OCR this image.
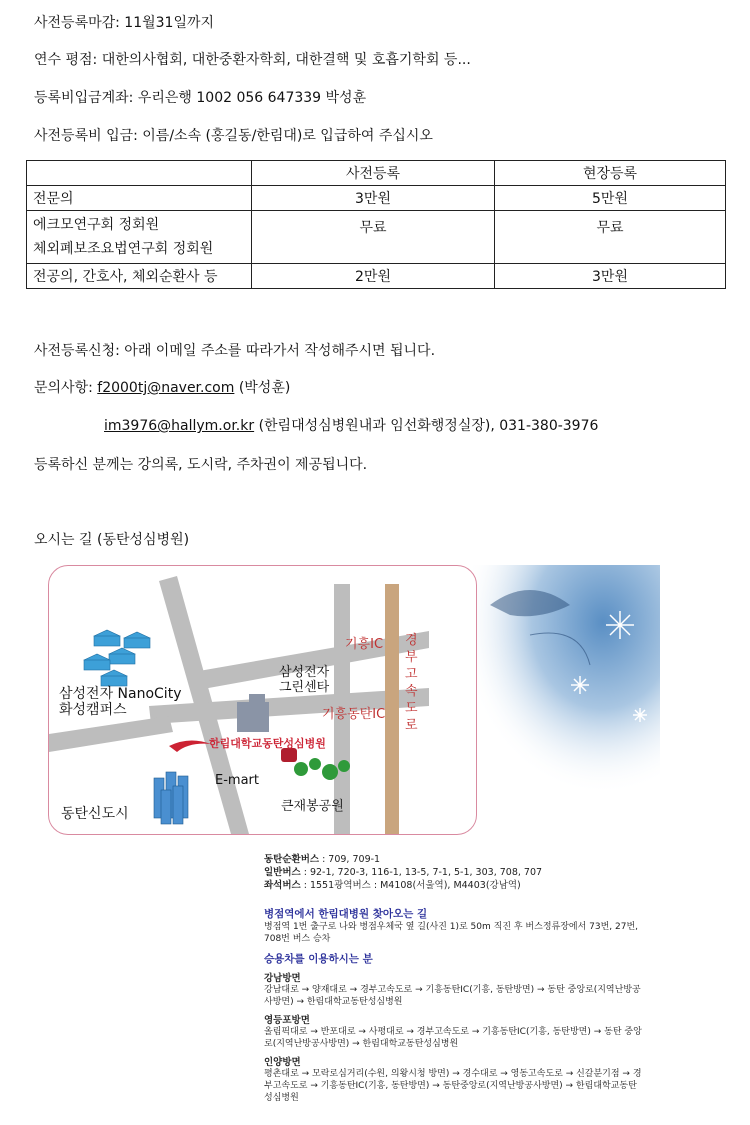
사전등록마감: 11월31일까지
연수 평점: 대한의사협회, 대한중환자학회, 대한결핵 및 호흡기학회 등...
등록비입금계좌: 우리은행 1002 056 647339 박성훈
사전등록비 입금: 이름/소속 (홍길동/한림대)로 입급하여 주십시오
	사전등록	현장등록
전문의	3만원	5만원

에크모연구회 정회원
체외폐보조요법연구회 정회원	무료	무료
전공의, 간호사, 체외순환사 등	2만원	3만원
사전등록신청: 아래 이메일 주소를 따라가서 작성해주시면 됩니다.
문의사항: f2000tj@naver.com (박성훈)
im3976@hallym.or.kr (한림대성심병원내과 임선화행정실장), 031-380-3976
등록하신 분께는 강의록, 도시락, 주차권이 제공됩니다.
오시는 길 (동탄성심병원)
삼성전자 NanoCity
화성캠퍼스
삼성전자
그린센타
기흥IC
기흥동탄IC
경
부
고
속
도
로
한림대학교동탄성심병원
E-mart
큰재봉공원
동탄신도시
동탄순환버스 : 709, 709-1
일반버스 : 92-1, 720-3, 116-1, 13-5, 7-1, 5-1, 303, 708, 707
좌석버스 : 1551광역버스 : M4108(서울역), M4403(강남역)
병점역에서 한림대병원 찾아오는 길
병점역 1번 출구로 나와 병점우체국 옆 길(사진 1)로 50m 직진 후 버스정류장에서 73번, 27번, 708번 버스 승차
승용차를 이용하시는 분
강남방면
강남대로 → 양재대로 → 경부고속도로 → 기흥동탄IC(기흥, 동탄방면) → 동탄 중앙로(지역난방공사방면) → 한림대학교동탄성심병원
영등포방면
올림픽대로 → 반포대로 → 사평대로 → 경부고속도로 → 기흥동탄IC(기흥, 동탄방면) → 동탄 중앙로(지역난방공사방면) → 한림대학교동탄성심병원
인양방면
평촌대로 → 모락로심거리(수원, 의왕시청 방면) → 경수대로 → 영동고속도로 → 신갈분기점 → 경부고속도로 → 기흥동탄IC(기흥, 동탄방면) → 동탄중앙로(지역난방공사방면) → 한림대학교동탄성심병원
